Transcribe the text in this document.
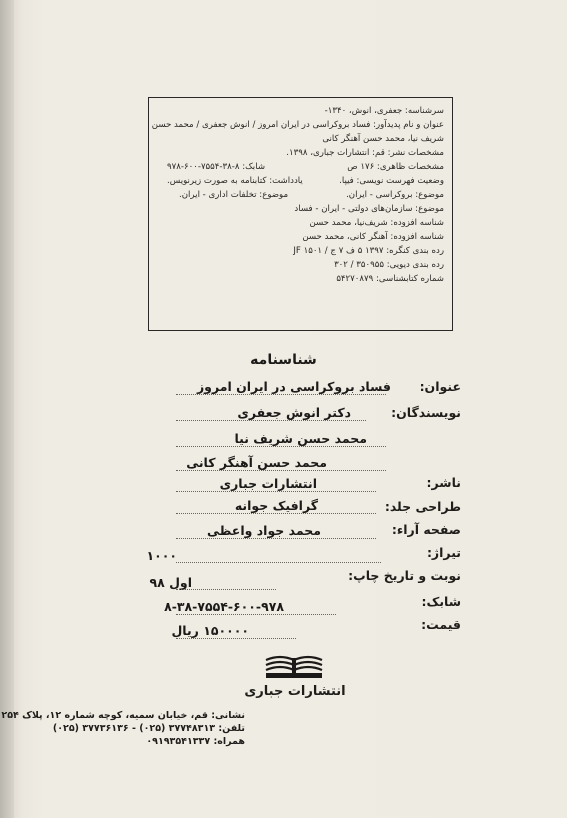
سرشناسه: جعفری، انوش، ۱۳۴۰-
عنوان و نام پدیدآور: فساد بروکراسی در ایران امروز / انوش جعفری / محمد حسن
شریف نیا، محمد حسن آهنگر کانی
مشخصات نشر: قم: انتشارات جباری، ۱۳۹۸.
مشخصات ظاهری: ۱۷۶ ص
شابک: ۸-۳۸-۷۵۵۴-۶۰۰-۹۷۸
وضعیت فهرست نویسی: فیپا.
یادداشت: کتابنامه به صورت زیرنویس.
موضوع: بروکراسی - ایران.
موضوع: تخلفات اداری - ایران.
موضوع: سازمان‌های دولتی - ایران - فساد
شناسه افزوده: شریف‌نیا، محمد حسن
شناسه افزوده: آهنگر کانی، محمد حسن
رده بندی کنگره: ۱۳۹۷ ۵ ف ۷ ج / JF ۱۵۰۱
رده بندی دیویی: ۳۵۰۹۵۵ / ۳۰۲
شماره کتابشناسی: ۵۴۲۷۰۸۷۹
شناسنامه
عنوان:
فساد بروکراسی در ایران امروز
نویسندگان:
دکتر انوش جعفری
محمد حسن شریف نیا
محمد حسن آهنگر کانی
ناشر:
انتشارات جباری
طراحی جلد:
گرافیک جوانه
صفحه آراء:
محمد جواد واعظی
تیراژ:
۱۰۰۰
نوبت و تاریخ چاپ:
اول ۹۸
شابک:
۸-۳۸-۷۵۵۴-۶۰۰-۹۷۸
قیمت:
۱۵۰۰۰۰ ریال
انتشارات جباری
نشانی: قم، خیابان سمیه، کوچه شماره ۱۲، پلاک ۲۵۴
تلفن: ۳۷۷۴۸۳۱۳ (۰۲۵) - ۳۷۷۳۶۱۳۶ (۰۲۵)
همراه: ۰۹۱۹۳۵۴۱۳۳۷
